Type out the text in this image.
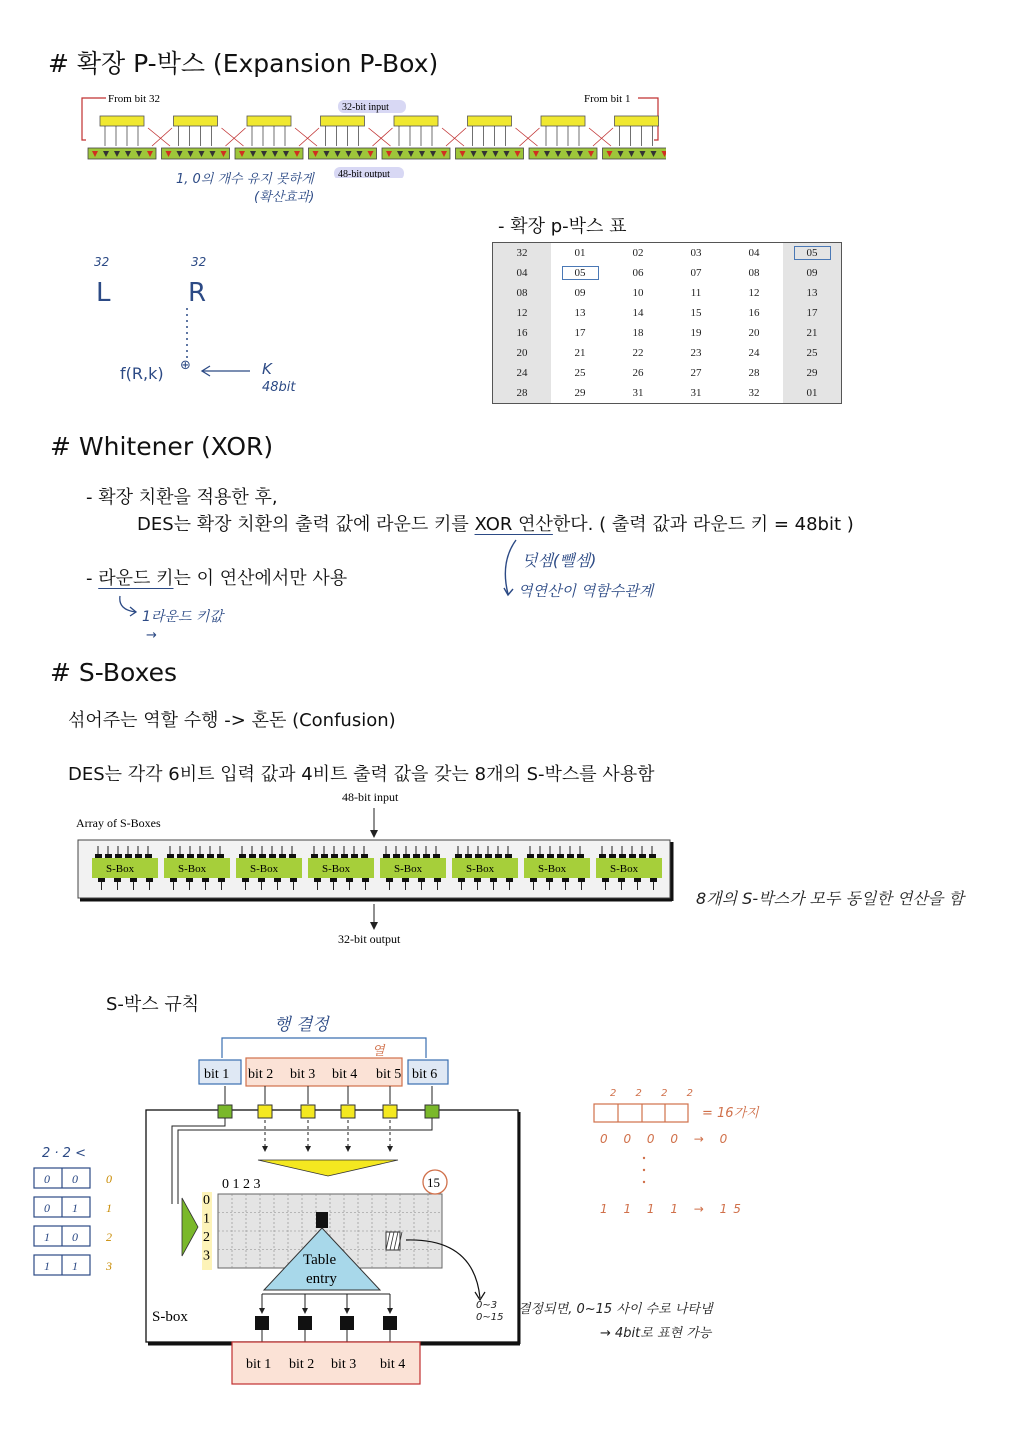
# 확장 P-박스 (Expansion P-Box)
From bit 32	From bit 1
32-bit input
48-bit output
1, 0의 개수 유지 못하게
(확산효과)
32
L
32
R
f(R,k) ⊕	K
48bit
- 확장 p-박스 표
32	01	02	03	04	05
04	05	06	07	08	09
08	09	10	11	12	13
12	13	14	15	16	17
16	17	18	19	20	21
20	21	22	23	24	25
24	25	26	27	28	29
28	29	31	31	32	01
# Whitener (XOR)
- 확장 치환을 적용한 후,
DES는 확장 치환의 출력 값에 라운드 키를 XOR 연산한다. ( 출력 값과 라운드 키 = 48bit )
- 라운드 키는 이 연산에서만 사용
덧셈(뺄셈)
역연산이 역함수관계
1라운드 키값
→
# S-Boxes
섞어주는 역할 수행 -> 혼돈 (Confusion)
DES는 각각 6비트 입력 값과 4비트 출력 값을 갖는 8개의 S-박스를 사용함
48-bit input
Array of S-Boxes
S-Box	S-Box	S-Box	S-Box	S-Box	S-Box	S-Box	S-Box
32-bit output
8개의 S-박스가 모두 동일한 연산을 함
S-박스 규칙
bit 1 bit 2 bit 3 bit 4 bit 5 bit 6
0 1 2 3	15
Table
entry
S-box
0
1
2
3
bit 1 bit 2 bit 3 bit 4
행 결정
열
2 · 2 <
0 0 0
0 1 1
1 0 2
1 1 3
2 2 2 2
= 16가지
0 0 0 0 → 0
1 1 1 1 → 15
0~3
0~15
결정되면, 0~15 사이 수로 나타냄
→ 4bit로 표현 가능
